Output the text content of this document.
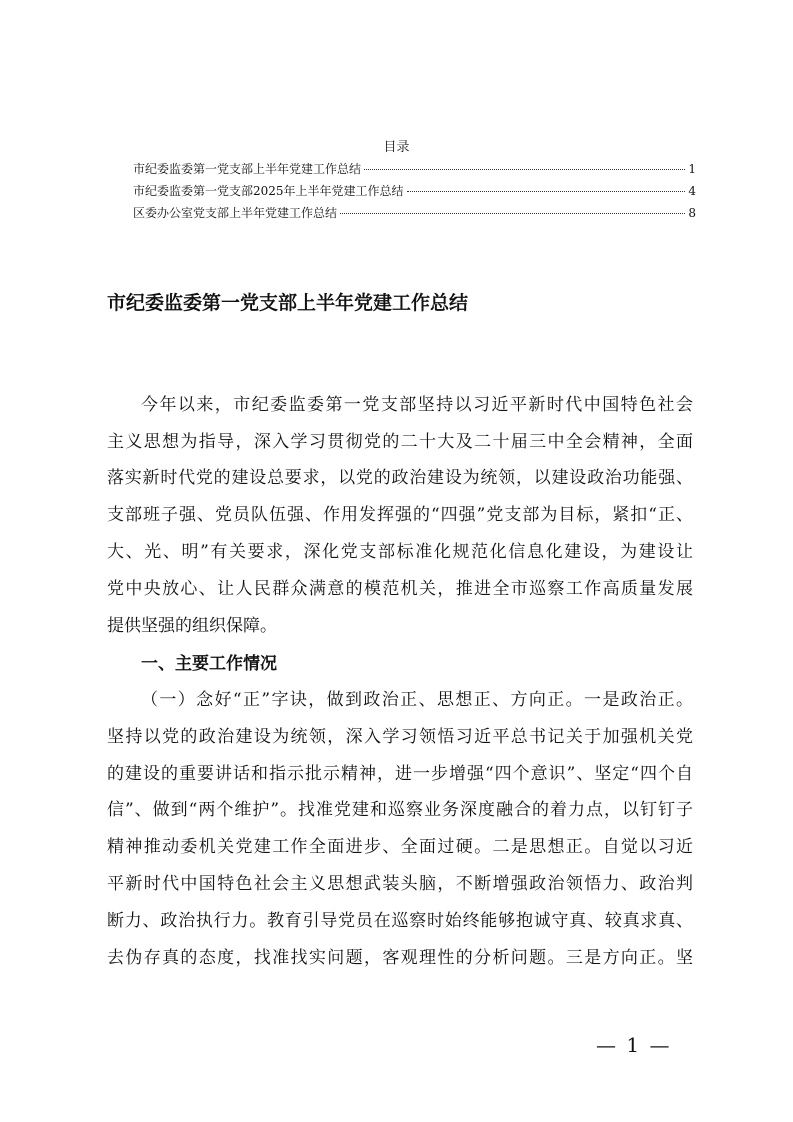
目录
市纪委监委第一党支部上半年党建工作总结	1
市纪委监委第一党支部2025年上半年党建工作总结	4
区委办公室党支部上半年党建工作总结	8
市纪委监委第一党支部上半年党建工作总结
今年以来，市纪委监委第一党支部坚持以习近平新时代中国特色社会
主义思想为指导，深入学习贯彻党的二十大及二十届三中全会精神，全面
落实新时代党的建设总要求，以党的政治建设为统领，以建设政治功能强、
支部班子强、党员队伍强、作用发挥强的“四强”党支部为目标，紧扣“正、
大、光、明”有关要求，深化党支部标准化规范化信息化建设，为建设让
党中央放心、让人民群众满意的模范机关，推进全市巡察工作高质量发展
提供坚强的组织保障。
一、主要工作情况
（一）念好“正”字诀，做到政治正、思想正、方向正。一是政治正。
坚持以党的政治建设为统领，深入学习领悟习近平总书记关于加强机关党
的建设的重要讲话和指示批示精神，进一步增强“四个意识”、坚定“四个自
信”、做到“两个维护”。找准党建和巡察业务深度融合的着力点，以钉钉子
精神推动委机关党建工作全面进步、全面过硬。二是思想正。自觉以习近
平新时代中国特色社会主义思想武装头脑，不断增强政治领悟力、政治判
断力、政治执行力。教育引导党员在巡察时始终能够抱诚守真、较真求真、
去伪存真的态度，找准找实问题，客观理性的分析问题。三是方向正。坚
— 1 —
